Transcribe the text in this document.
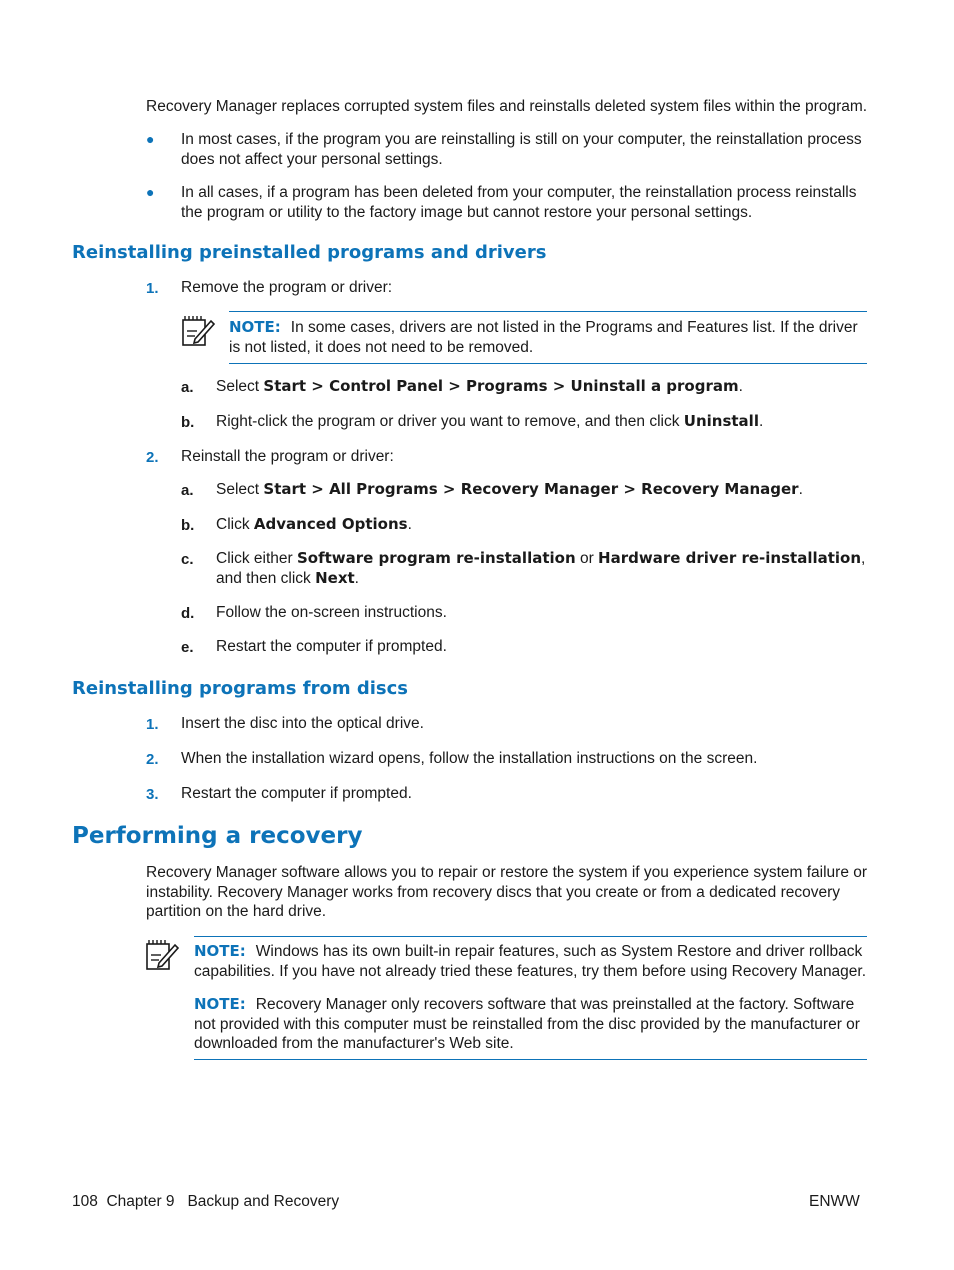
Recovery Manager replaces corrupted system files and reinstalls deleted system files within the program.
● In most cases, if the program you are reinstalling is still on your computer, the reinstallation process
does not affect your personal settings.
● In all cases, if a program has been deleted from your computer, the reinstallation process reinstalls
the program or utility to the factory image but cannot restore your personal settings.
Reinstalling preinstalled programs and drivers
1. Remove the program or driver:
NOTE: In some cases, drivers are not listed in the Programs and Features list. If the driver
is not listed, it does not need to be removed.
a. Select Start > Control Panel > Programs > Uninstall a program.
b. Right-click the program or driver you want to remove, and then click Uninstall.
2. Reinstall the program or driver:
a. Select Start > All Programs > Recovery Manager > Recovery Manager.
b. Click Advanced Options.
c. Click either Software program re-installation or Hardware driver re-installation,
and then click Next.
d. Follow the on-screen instructions.
e. Restart the computer if prompted.
Reinstalling programs from discs
1. Insert the disc into the optical drive.
2. When the installation wizard opens, follow the installation instructions on the screen.
3. Restart the computer if prompted.
Performing a recovery
Recovery Manager software allows you to repair or restore the system if you experience system failure or
instability. Recovery Manager works from recovery discs that you create or from a dedicated recovery
partition on the hard drive.
NOTE: Windows has its own built-in repair features, such as System Restore and driver rollback
capabilities. If you have not already tried these features, try them before using Recovery Manager.
NOTE: Recovery Manager only recovers software that was preinstalled at the factory. Software
not provided with this computer must be reinstalled from the disc provided by the manufacturer or
downloaded from the manufacturer's Web site.
108  Chapter 9   Backup and Recovery	ENWW
